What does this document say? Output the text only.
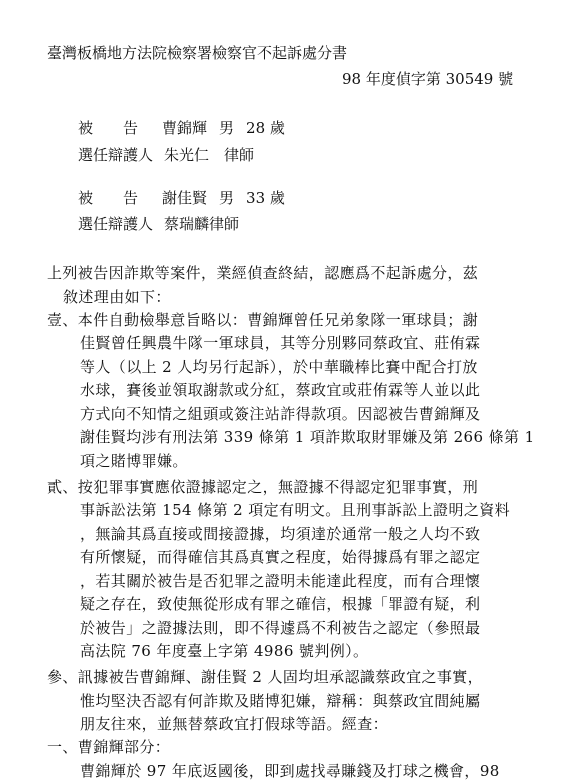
臺灣板橋地方法院檢察署檢察官不起訴處分書
98 年度偵字第 30549 號
被　　告 曹錦輝 男 28 歲
選任辯護人 朱光仁　律師
被　　告 謝佳賢 男 33 歲
選任辯護人 蔡瑞麟律師
上列被告因詐欺等案件，業經偵查終結，認應爲不起訴處分，茲
敘述理由如下：
壹、本件自動檢舉意旨略以：曹錦輝曾任兄弟象隊一軍球員；謝
佳賢曾任興農牛隊一軍球員，其等分別夥同蔡政宜、莊侑霖
等人（以上 2 人均另行起訴），於中華職棒比賽中配合打放
水球，賽後並領取謝款或分紅，蔡政宜或莊侑霖等人並以此
方式向不知情之組頭或簽注站詐得款項。因認被告曹錦輝及
謝佳賢均涉有刑法第 339 條第 1 項詐欺取財罪嫌及第 266 條第 1
項之賭博罪嫌。
貳、按犯罪事實應依證據認定之，無證據不得認定犯罪事實，刑
事訴訟法第 154 條第 2 項定有明文。且刑事訴訟上證明之資料
，無論其爲直接或間接證據，均須達於通常一般之人均不致
有所懷疑，而得確信其爲真實之程度，始得據爲有罪之認定
，若其關於被告是否犯罪之證明未能達此程度，而有合理懷
疑之存在，致使無從形成有罪之確信，根據「罪證有疑，利
於被告」之證據法則，即不得遽爲不利被告之認定（參照最
高法院 76 年度臺上字第 4986 號判例）。
參、訊據被告曹錦輝、謝佳賢 2 人固均坦承認識蔡政宜之事實，
惟均堅決否認有何詐欺及賭博犯嫌，辯稱：與蔡政宜間純屬
朋友往來，並無替蔡政宜打假球等語。經查：
一、曹錦輝部分：
曹錦輝於 97 年底返國後，即到處找尋賺錢及打球之機會，98
